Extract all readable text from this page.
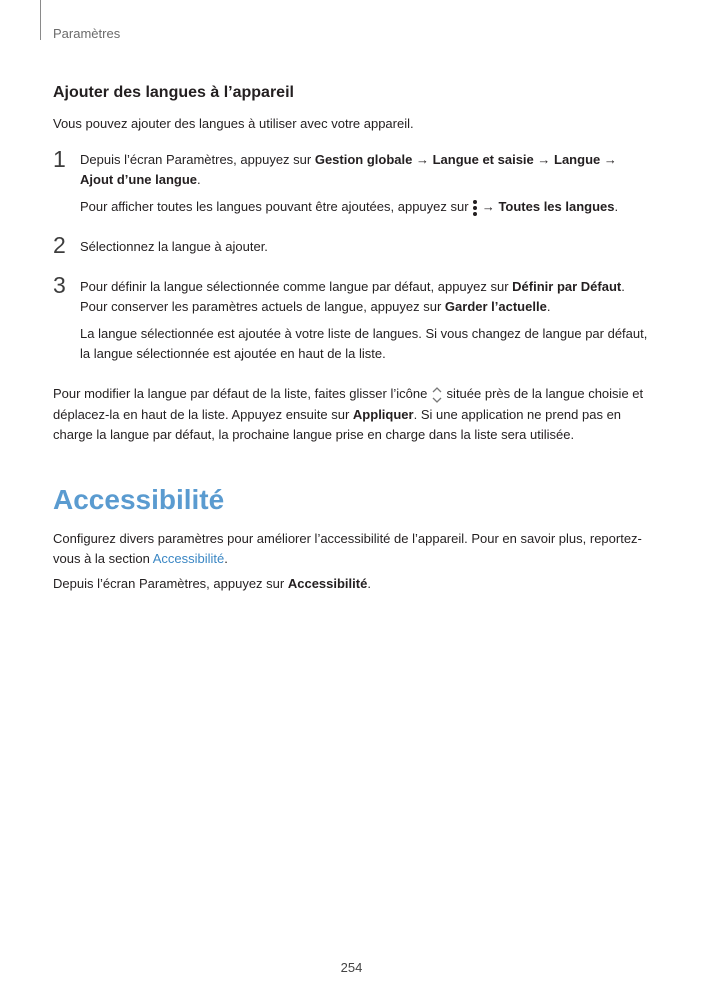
Paramètres
Ajouter des langues à l’appareil

Vous pouvez ajouter des langues à utiliser avec votre appareil.

1 Depuis l’écran Paramètres, appuyez sur Gestion globale → Langue et saisie → Langue →
Ajout d’une langue.

Pour afficher toutes les langues pouvant être ajoutées, appuyez sur  → Toutes les langues.

2 Sélectionnez la langue à ajouter.

3 Pour définir la langue sélectionnée comme langue par défaut, appuyez sur Définir par Défaut.
Pour conserver les paramètres actuels de langue, appuyez sur Garder l’actuelle.

La langue sélectionnée est ajoutée à votre liste de langues. Si vous changez de langue par défaut, la langue sélectionnée est ajoutée en haut de la liste.

Pour modifier la langue par défaut de la liste, faites glisser l’icône  située près de la langue choisie et déplacez-la en haut de la liste. Appuyez ensuite sur Appliquer. Si une application ne prend pas en charge la langue par défaut, la prochaine langue prise en charge dans la liste sera utilisée.

Accessibilité

Configurez divers paramètres pour améliorer l’accessibilité de l’appareil. Pour en savoir plus, reportez-vous à la section Accessibilité.

Depuis l’écran Paramètres, appuyez sur Accessibilité.

254
